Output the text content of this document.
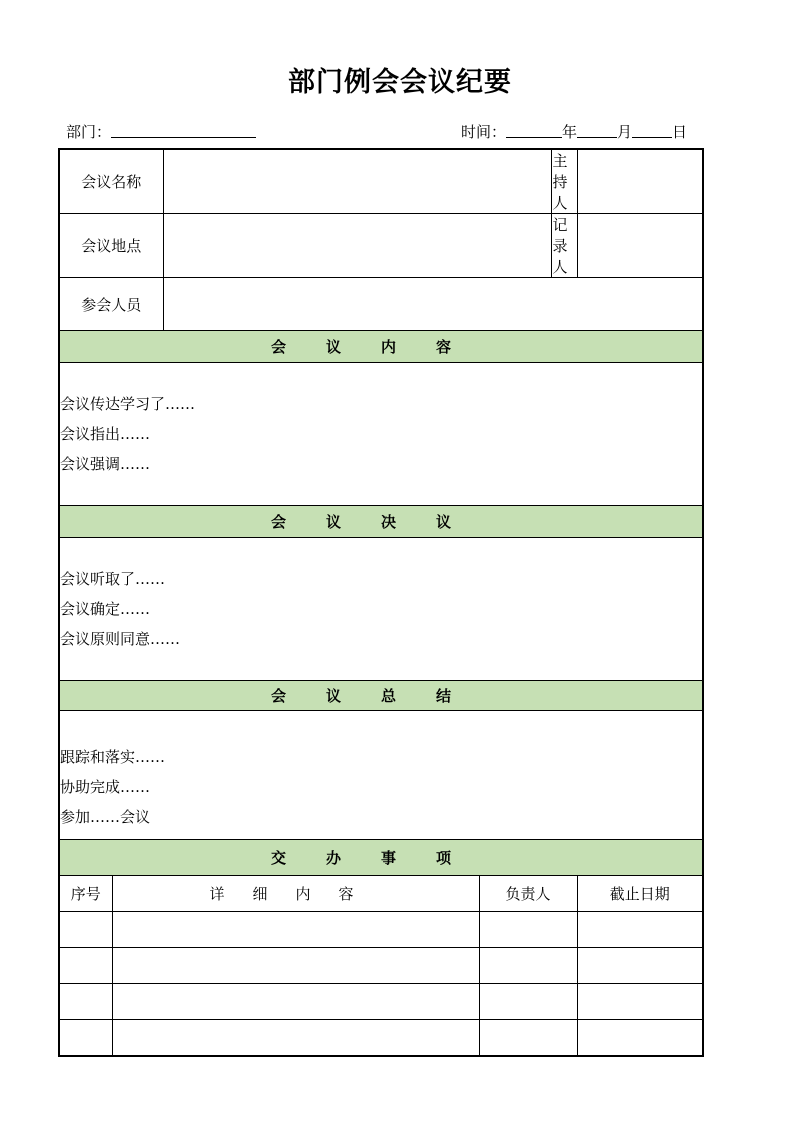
部门例会会议纪要
部门：	时间：	年	月	日
会议名称				主持人	
会议地点				记录人	
参会人员					
会议内容					

会议传达学习了……
会议指出……
会议强调……					

会议决议					

会议听取了……
会议确定……
会议原则同意……					

会议总结					

跟踪和落实……
协助完成……
参加……会议					

交办事项					
序号	详细内容		负责人		截止日期
